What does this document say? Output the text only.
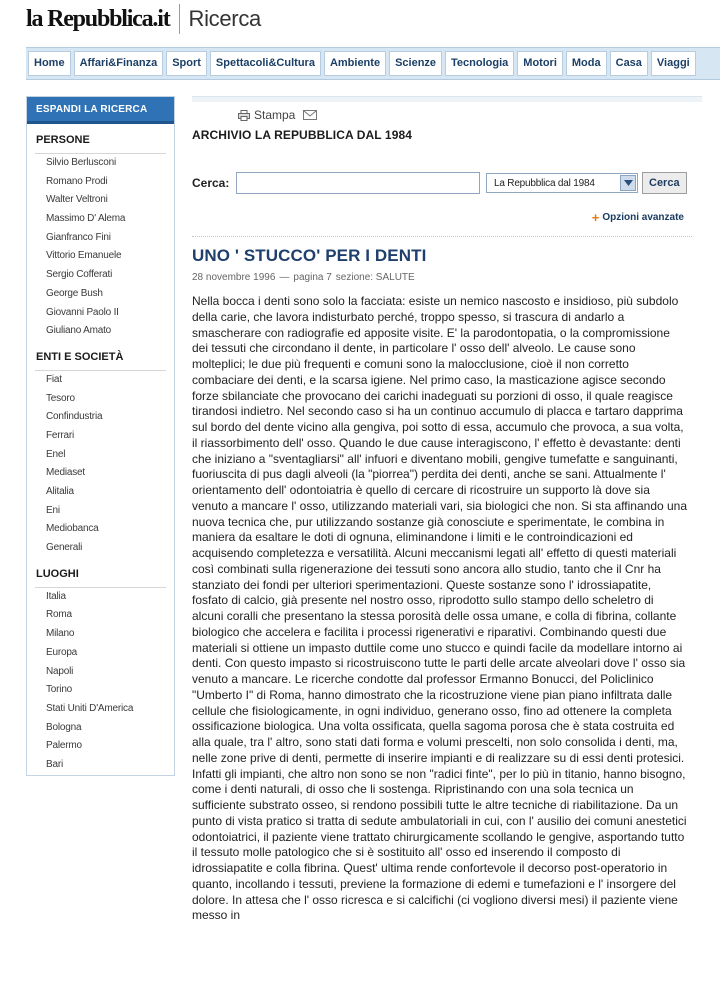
la Repubblica.it Ricerca
Home	Affari&Finanza	Sport	Spettacoli&Cultura	Ambiente	Scienze	Tecnologia	Motori	Moda	Casa	Viaggi
ESPANDI LA RICERCA
PERSONE
Silvio Berlusconi
Romano Prodi
Walter Veltroni
Massimo D' Alema
Gianfranco Fini
Vittorio Emanuele
Sergio Cofferati
George Bush
Giovanni Paolo II
Giuliano Amato
ENTI E SOCIETÀ
Fiat
Tesoro
Confindustria
Ferrari
Enel
Mediaset
Alitalia
Eni
Mediobanca
Generali
LUOGHI
Italia
Roma
Milano
Europa
Napoli
Torino
Stati Uniti D'America
Bologna
Palermo
Bari
Stampa
ARCHIVIO LA REPUBBLICA DAL 1984
Cerca:	La Repubblica dal 1984	Cerca
+ Opzioni avanzate
UNO ' STUCCO' PER I DENTI
28 novembre 1996 — pagina 7 sezione: SALUTE

Nella bocca i denti sono solo la facciata: esiste un nemico nascosto e insidioso, più subdolo della carie, che lavora indisturbato perché, troppo spesso, si trascura di andarlo a smascherare con radiografie ed apposite visite. E' la parodontopatia, o la compromissione dei tessuti che circondano il dente, in particolare l' osso dell' alveolo. Le cause sono molteplici; le due più frequenti e comuni sono la malocclusione, cioè il non corretto combaciare dei denti, e la scarsa igiene. Nel primo caso, la masticazione agisce secondo forze sbilanciate che provocano dei carichi inadeguati su porzioni di osso, il quale reagisce tirandosi indietro. Nel secondo caso si ha un continuo accumulo di placca e tartaro dapprima sul bordo del dente vicino alla gengiva, poi sotto di essa, accumulo che provoca, a sua volta, il riassorbimento dell' osso. Quando le due cause interagiscono, l' effetto è devastante: denti che iniziano a "sventagliarsi" all' infuori e diventano mobili, gengive tumefatte e sanguinanti, fuoriuscita di pus dagli alveoli (la "piorrea") perdita dei denti, anche se sani. Attualmente l' orientamento dell' odontoiatria è quello di cercare di ricostruire un supporto là dove sia venuto a mancare l' osso, utilizzando materiali vari, sia biologici che non. Si sta affinando una nuova tecnica che, pur utilizzando sostanze già conosciute e sperimentate, le combina in maniera da esaltare le doti di ognuna, eliminandone i limiti e le controindicazioni ed acquisendo completezza e versatilità. Alcuni meccanismi legati all' effetto di questi materiali così combinati sulla rigenerazione dei tessuti sono ancora allo studio, tanto che il Cnr ha stanziato dei fondi per ulteriori sperimentazioni. Queste sostanze sono l' idrossiapatite, fosfato di calcio, già presente nel nostro osso, riprodotto sullo stampo dello scheletro di alcuni coralli che presentano la stessa porosità delle ossa umane, e colla di fibrina, collante biologico che accelera e facilita i processi rigenerativi e riparativi. Combinando questi due materiali si ottiene un impasto duttile come uno stucco e quindi facile da modellare intorno ai denti. Con questo impasto si ricostruiscono tutte le parti delle arcate alveolari dove l' osso sia venuto a mancare. Le ricerche condotte dal professor Ermanno Bonucci, del Policlinico "Umberto I" di Roma, hanno dimostrato che la ricostruzione viene pian piano infiltrata dalle cellule che fisiologicamente, in ogni individuo, generano osso, fino ad ottenere la completa ossificazione biologica. Una volta ossificata, quella sagoma porosa che è stata costruita ed alla quale, tra l' altro, sono stati dati forma e volumi prescelti, non solo consolida i denti, ma, nelle zone prive di denti, permette di inserire impianti e di realizzare su di essi denti protesici. Infatti gli impianti, che altro non sono se non "radici finte", per lo più in titanio, hanno bisogno, come i denti naturali, di osso che li sostenga. Ripristinando con una sola tecnica un sufficiente substrato osseo, si rendono possibili tutte le altre tecniche di riabilitazione. Da un punto di vista pratico si tratta di sedute ambulatoriali in cui, con l' ausilio dei comuni anestetici odontoiatrici, il paziente viene trattato chirurgicamente scollando le gengive, asportando tutto il tessuto molle patologico che si è sostituito all' osso ed inserendo il composto di idrossiapatite e colla fibrina. Quest' ultima rende confortevole il decorso post-operatorio in quanto, incollando i tessuti, previene la formazione di edemi e tumefazioni e l' insorgere del dolore. In attesa che l' osso ricresca e si calcifichi (ci vogliono diversi mesi) il paziente viene messo in
